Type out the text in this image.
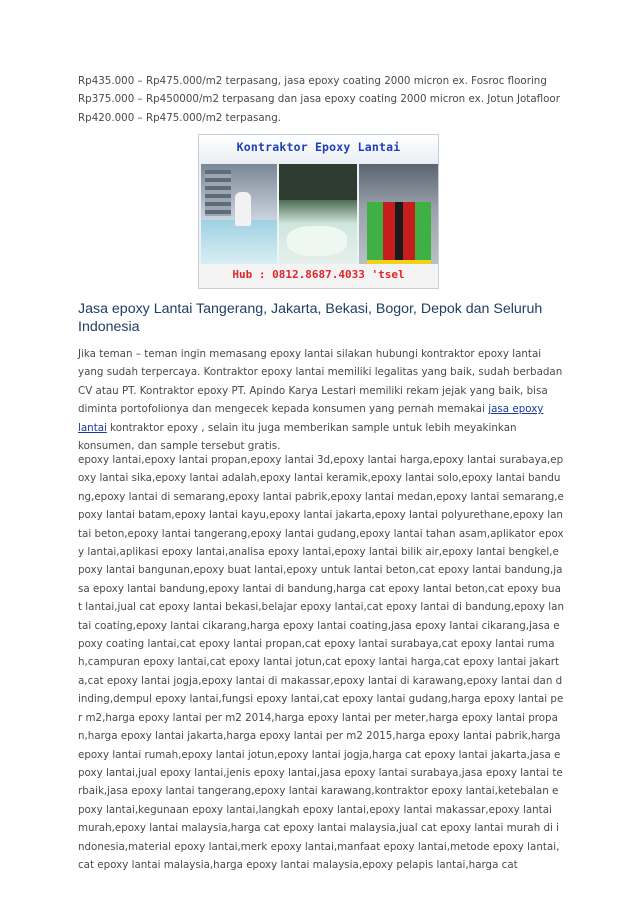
Rp435.000 – Rp475.000/m2 terpasang, jasa epoxy coating 2000 micron ex. Fosroc flooring Rp375.000 – Rp450000/m2 terpasang dan jasa epoxy coating 2000 micron ex. Jotun Jotafloor Rp420.000 – Rp475.000/m2 terpasang.

Kontraktor Epoxy Lantai
Hub : 0812.8687.4033 'tsel
Jasa epoxy Lantai Tangerang, Jakarta, Bekasi, Bogor, Depok dan Seluruh Indonesia

Jika teman – teman ingin memasang epoxy lantai silakan hubungi kontraktor epoxy lantai yang sudah terpercaya. Kontraktor epoxy lantai memiliki legalitas yang baik, sudah berbadan CV atau PT. Kontraktor epoxy PT. Apindo Karya Lestari memiliki rekam jejak yang baik, bisa diminta portofolionya dan mengecek kepada konsumen yang pernah memakai jasa epoxy lantai kontraktor epoxy , selain itu juga memberikan sample untuk lebih meyakinkan konsumen, dan sample tersebut gratis.

epoxy lantai,epoxy lantai propan,epoxy lantai 3d,epoxy lantai harga,epoxy lantai surabaya,epoxy lantai sika,epoxy lantai adalah,epoxy lantai keramik,epoxy lantai solo,epoxy lantai bandung,epoxy lantai di semarang,epoxy lantai pabrik,epoxy lantai medan,epoxy lantai semarang,epoxy lantai batam,epoxy lantai kayu,epoxy lantai jakarta,epoxy lantai polyurethane,epoxy lantai beton,epoxy lantai tangerang,epoxy lantai gudang,epoxy lantai tahan asam,aplikator epoxy lantai,aplikasi epoxy lantai,analisa epoxy lantai,epoxy lantai bilik air,epoxy lantai bengkel,epoxy lantai bangunan,epoxy buat lantai,epoxy untuk lantai beton,cat epoxy lantai bandung,jasa epoxy lantai bandung,epoxy lantai di bandung,harga cat epoxy lantai beton,cat epoxy buat lantai,jual cat epoxy lantai bekasi,belajar epoxy lantai,cat epoxy lantai di bandung,epoxy lantai coating,epoxy lantai cikarang,harga epoxy lantai coating,jasa epoxy lantai cikarang,jasa epoxy coating lantai,cat epoxy lantai propan,cat epoxy lantai surabaya,cat epoxy lantai rumah,campuran epoxy lantai,cat epoxy lantai jotun,cat epoxy lantai harga,cat epoxy lantai jakarta,cat epoxy lantai jogja,epoxy lantai di makassar,epoxy lantai di karawang,epoxy lantai dan dinding,dempul epoxy lantai,fungsi epoxy lantai,cat epoxy lantai gudang,harga epoxy lantai per m2,harga epoxy lantai per m2 2014,harga epoxy lantai per meter,harga epoxy lantai propan,harga epoxy lantai jakarta,harga epoxy lantai per m2 2015,harga epoxy lantai pabrik,harga epoxy lantai rumah,epoxy lantai jotun,epoxy lantai jogja,harga cat epoxy lantai jakarta,jasa epoxy lantai,jual epoxy lantai,jenis epoxy lantai,jasa epoxy lantai surabaya,jasa epoxy lantai terbaik,jasa epoxy lantai tangerang,epoxy lantai karawang,kontraktor epoxy lantai,ketebalan epoxy lantai,kegunaan epoxy lantai,langkah epoxy lantai,epoxy lantai makassar,epoxy lantai murah,epoxy lantai malaysia,harga cat epoxy lantai malaysia,jual cat epoxy lantai murah di indonesia,material epoxy lantai,merk epoxy lantai,manfaat epoxy lantai,metode epoxy lantai,cat epoxy lantai malaysia,harga epoxy lantai malaysia,epoxy pelapis lantai,harga cat
